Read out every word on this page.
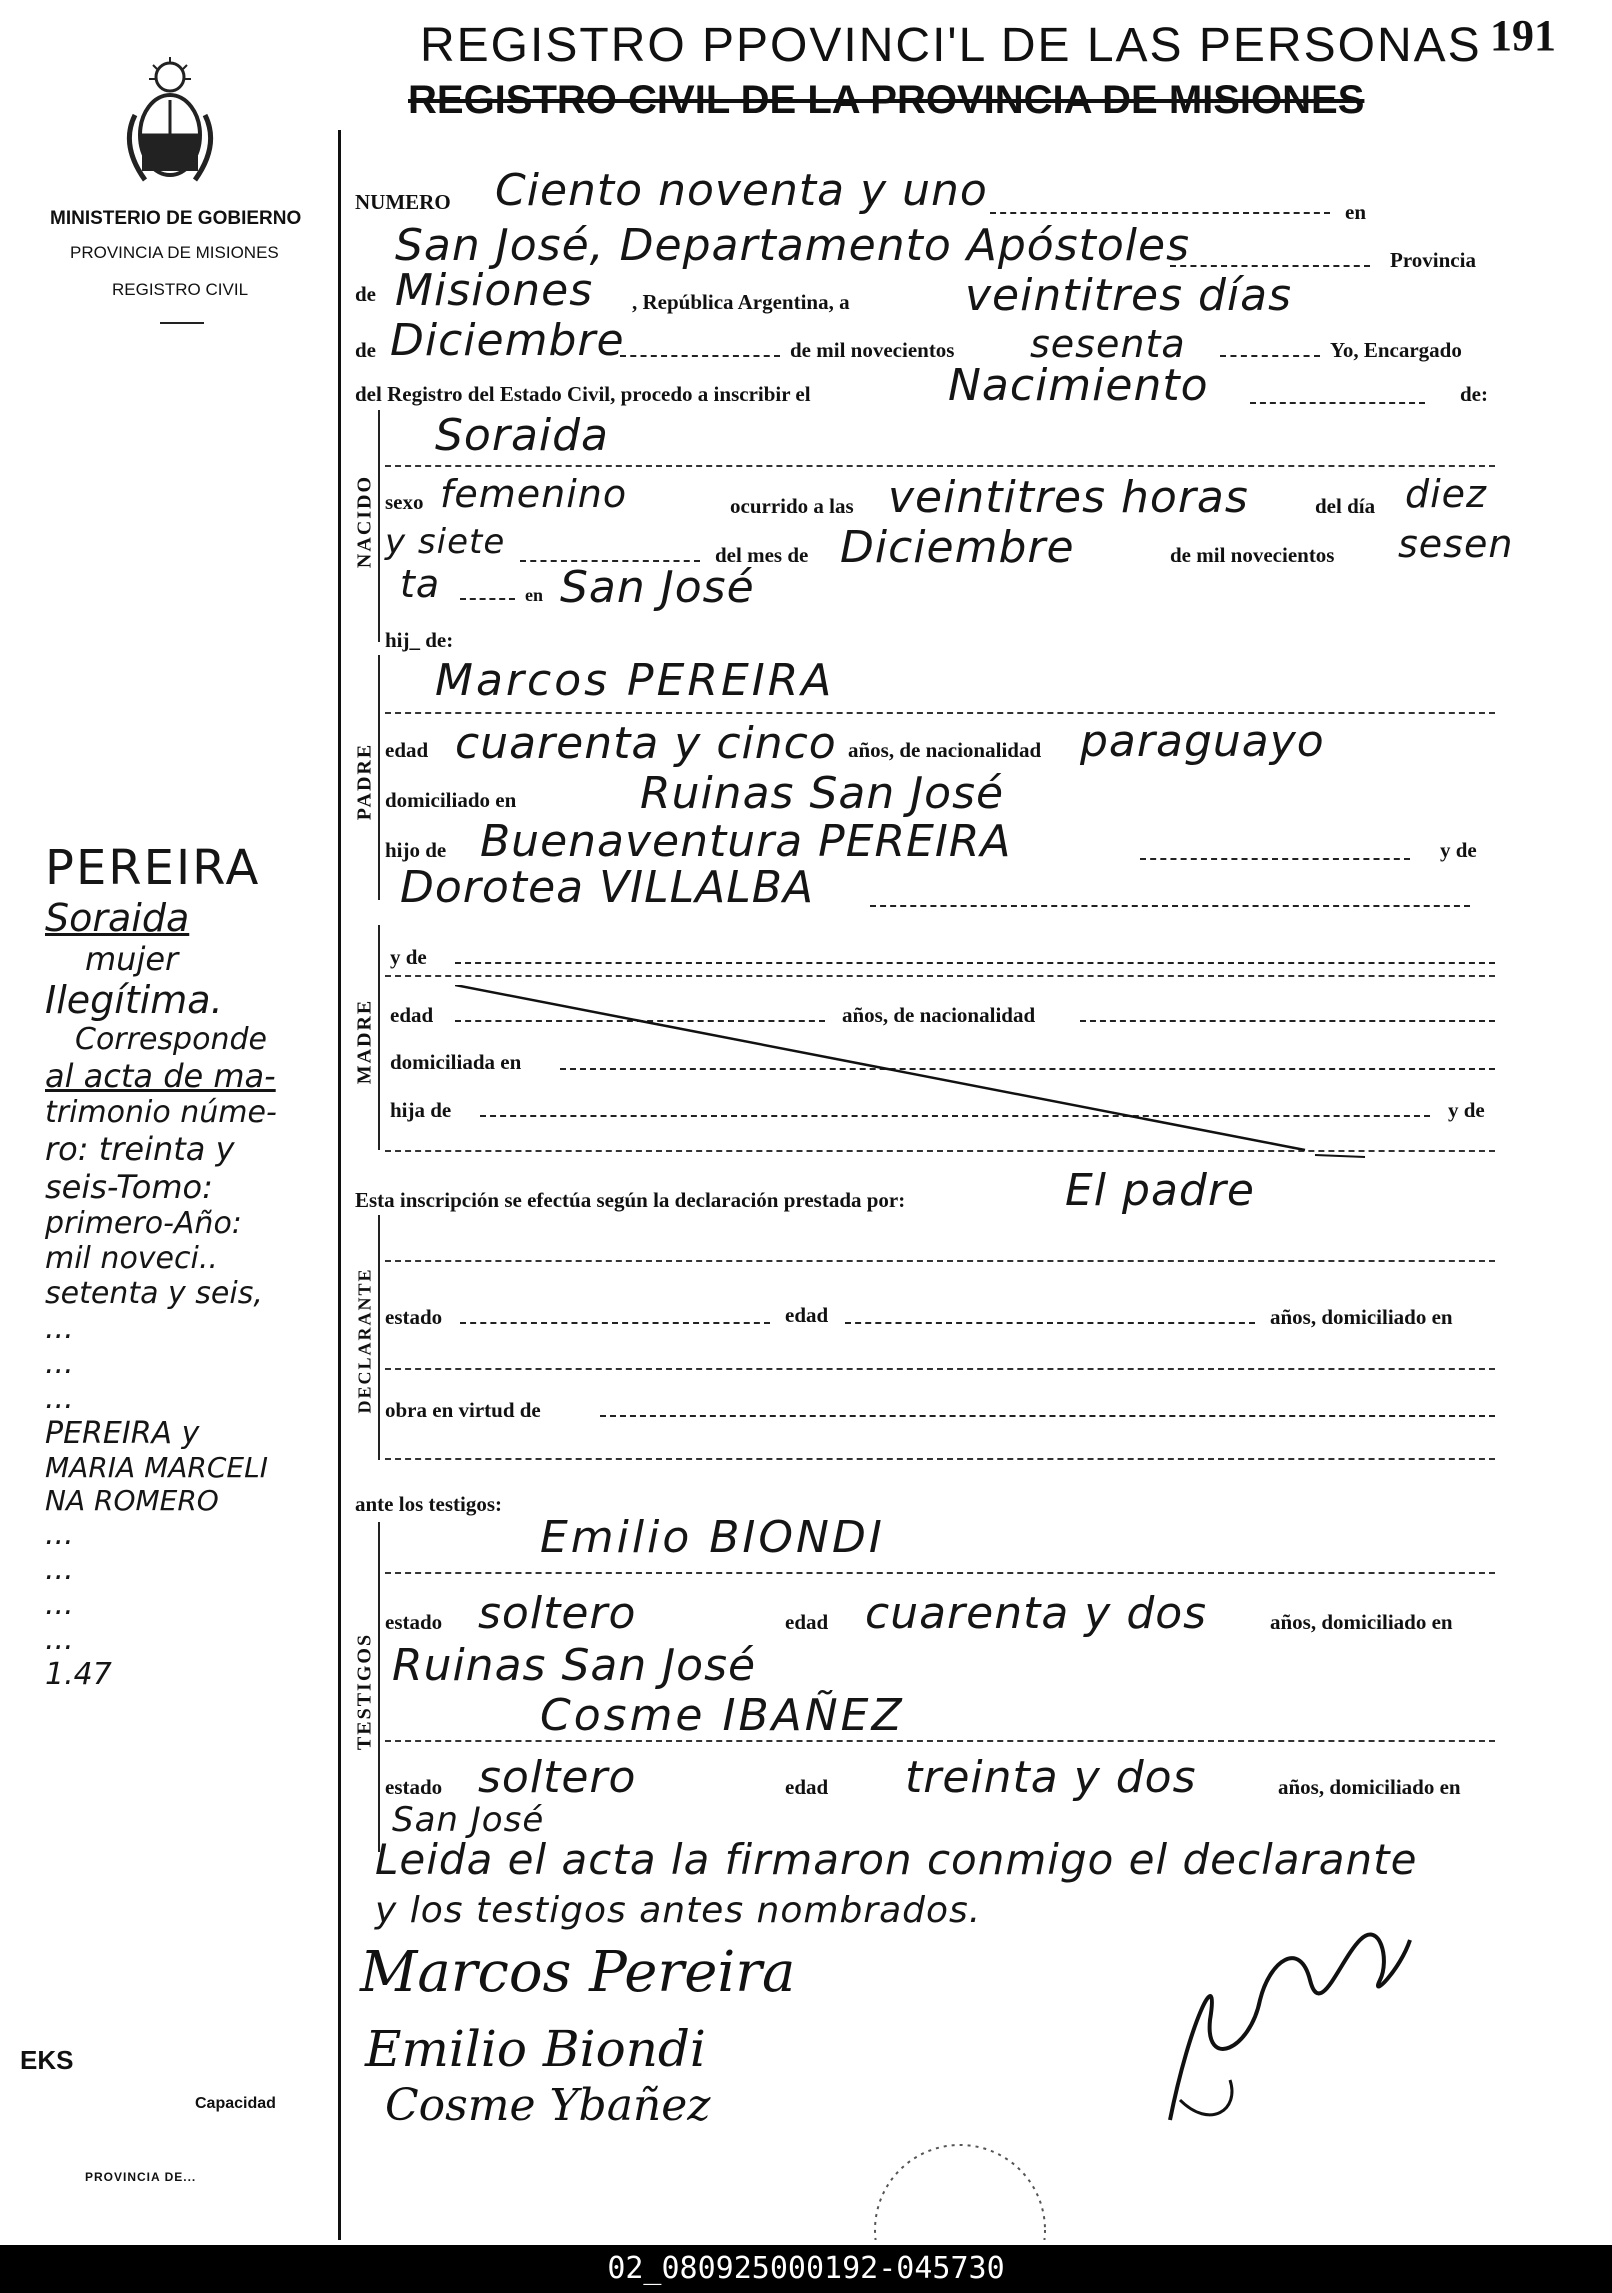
MINISTERIO DE GOBIERNO
PROVINCIA DE MISIONES
REGISTRO CIVIL
REGISTRO PPOVINCI'L DE LAS PERSONAS
REGISTRO CIVIL DE LA PROVINCIA DE MISIONES
191
NUMERO Ciento noventa y uno	en
San José, Departamento Apóstoles	Provincia
de Misiones , República Argentina, a	veintitres días
de Diciembre	de mil novecientos sesenta	Yo, Encargado
del Registro del Estado Civil, procedo a inscribir el	Nacimiento	de:
NACIDO
Soraida
sexo femenino	ocurrido a las veintitres horas	del día diez
y siete	del mes de Diciembre	de mil novecientos sesen
ta	en San José
hij_ de:
PADRE
Marcos PEREIRA
edad cuarenta y cinco años, de nacionalidad paraguayo
domiciliado en	Ruinas San José
hijo de Buenaventura PEREIRA	y de
Dorotea VILLALBA
MADRE
y de
edad	años, de nacionalidad
domiciliada en
hija de	y de
Esta inscripción se efectúa según la declaración prestada por:	El padre
DECLARANTE estado	edad	años, domiciliado en
obra en virtud de
ante los testigos:
TESTIGOS
Emilio BIONDI
estado soltero	edad cuarenta y dos	años, domiciliado en
Ruinas San José
Cosme IBAÑEZ
estado soltero	edad treinta y dos	años, domiciliado en
San José
Leida el acta la firmaron conmigo el declarante
y los testigos antes nombrados.
Marcos Pereira
Emilio Biondi
Cosme Ybañez
PEREIRA
Soraida
mujer
Ilegítima.
Corresponde
al acta de ma-
trimonio núme-
ro: treinta y
seis-Tomo:
primero-Año:
mil noveci..
setenta y seis,
...
...
...
PEREIRA y
MARIA MARCELI
NA ROMERO
...
...
...
...
1.47
EKS
Capacidad
PROVINCIA DE...
02_080925000192-045730
